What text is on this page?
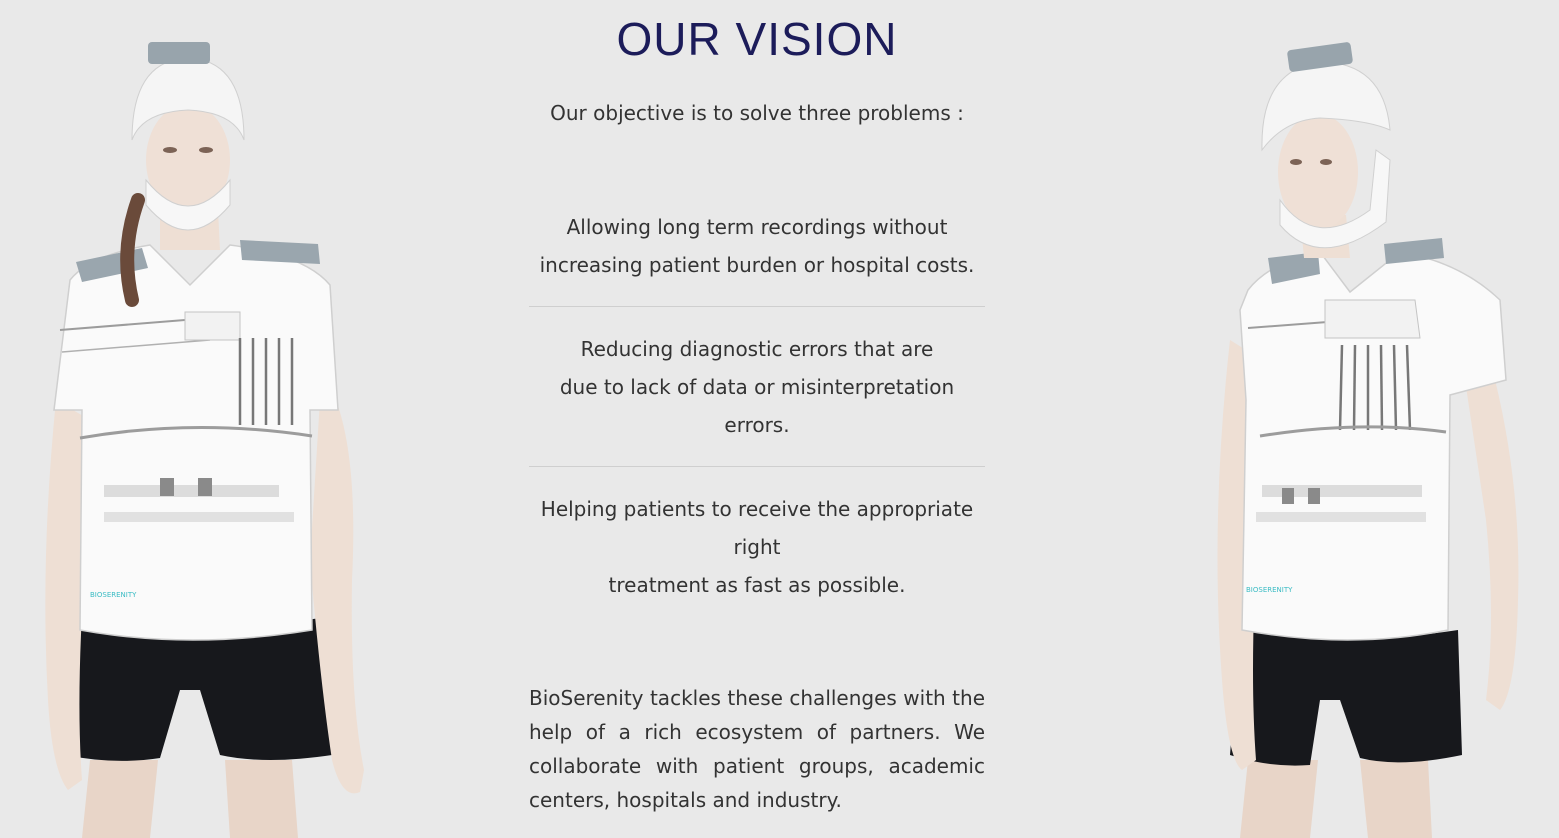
BIOSERENITY
BIOSERENITY
OUR VISION

Our objective is to solve three problems :

Allowing long term recordings without
increasing patient burden or hospital costs.

Reducing diagnostic errors that are
due to lack of data or misinterpretation
errors.

Helping patients to receive the appropriate
right
treatment as fast as possible.

BioSerenity tackles these challenges with the help of a rich ecosystem of partners. We collaborate with patient groups, academic centers, hospitals and industry.
